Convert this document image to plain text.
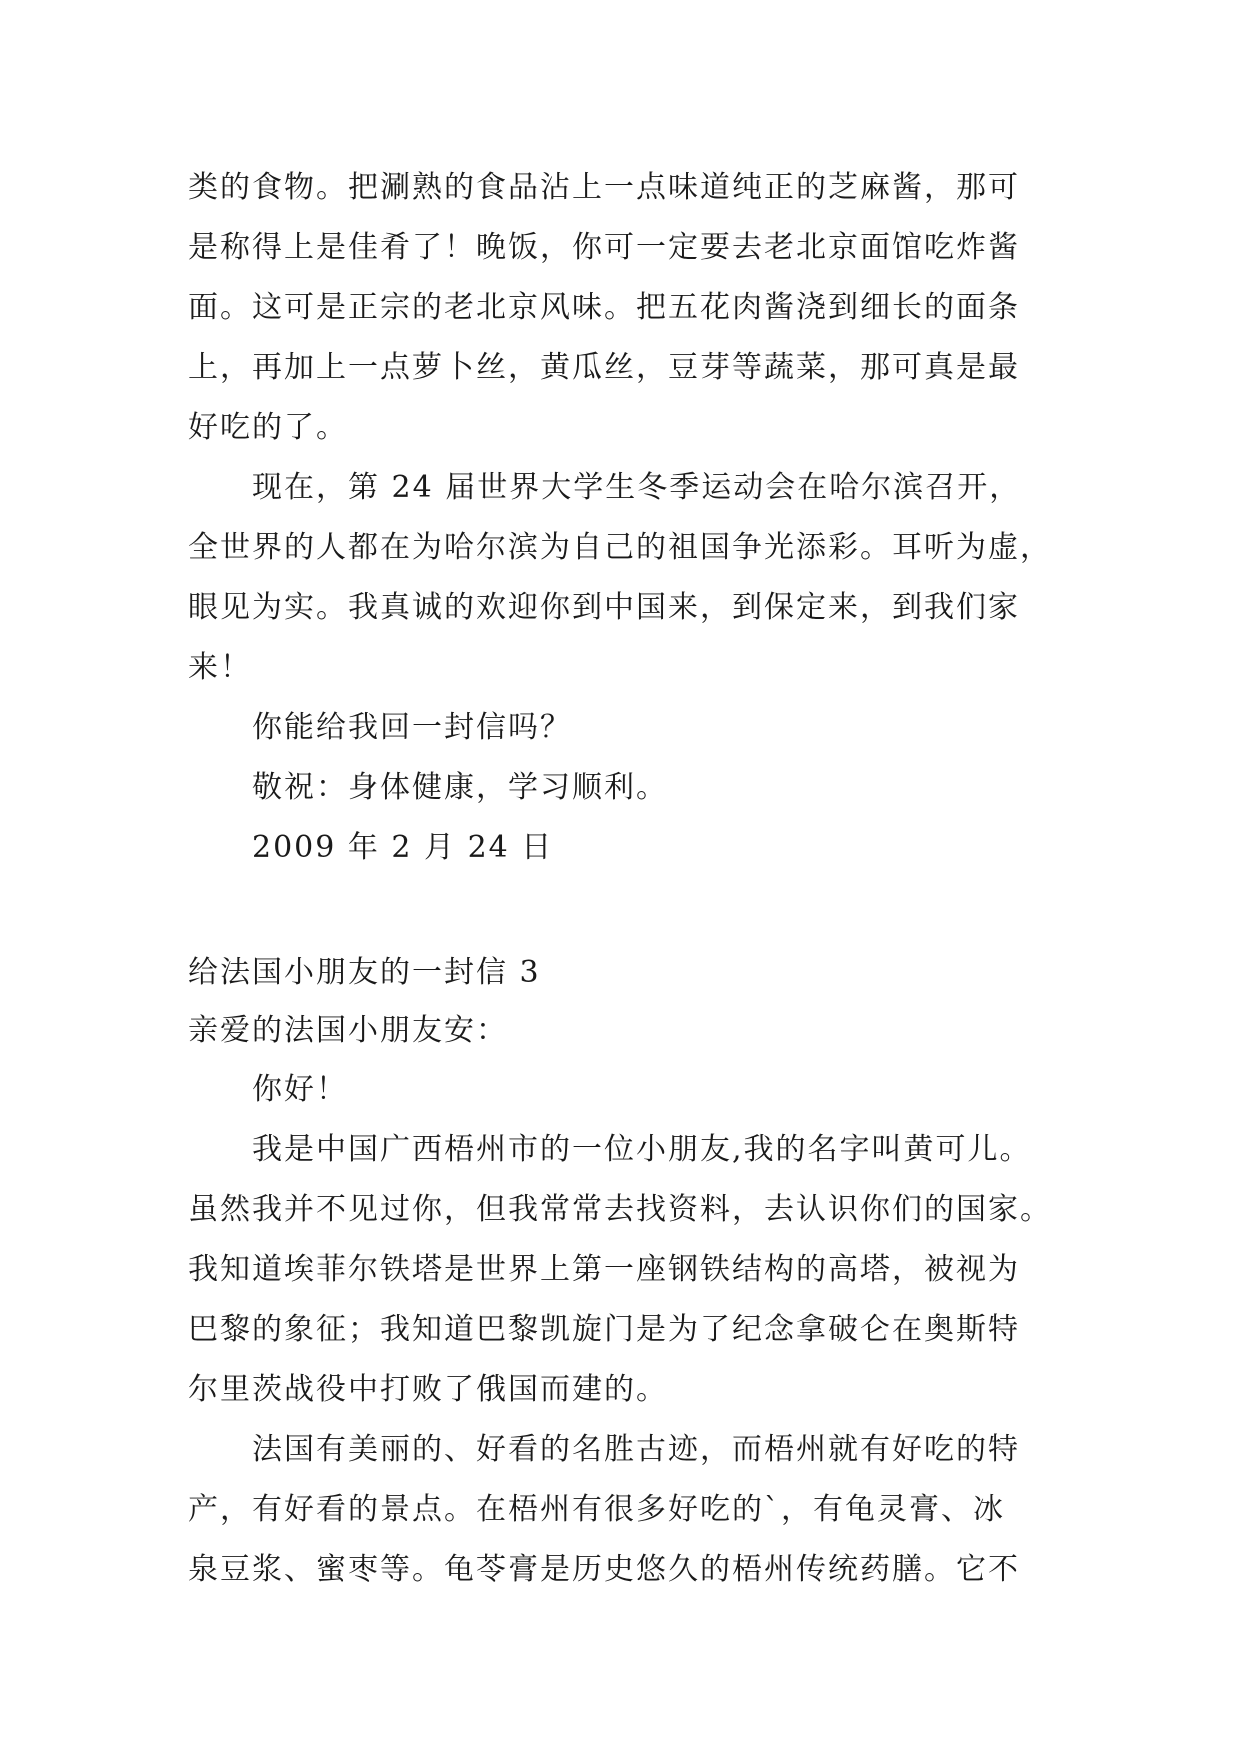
类的食物。把涮熟的食品沾上一点味道纯正的芝麻酱，那可
是称得上是佳肴了！晚饭，你可一定要去老北京面馆吃炸酱
面。这可是正宗的老北京风味。把五花肉酱浇到细长的面条
上，再加上一点萝卜丝，黄瓜丝，豆芽等蔬菜，那可真是最
好吃的了。
现在，第 24 届世界大学生冬季运动会在哈尔滨召开，
全世界的人都在为哈尔滨为自己的祖国争光添彩。耳听为虚，
眼见为实。我真诚的欢迎你到中国来，到保定来，到我们家
来！

你能给我回一封信吗？

敬祝：身体健康，学习顺利。

2009 年 2 月 24 日

给法国小朋友的一封信 3

亲爱的法国小朋友安：

你好！

我是中国广西梧州市的一位小朋友,我的名字叫黄可儿。
虽然我并不见过你，但我常常去找资料，去认识你们的国家。
我知道埃菲尔铁塔是世界上第一座钢铁结构的高塔，被视为
巴黎的象征；我知道巴黎凯旋门是为了纪念拿破仑在奥斯特
尔里茨战役中打败了俄国而建的。
法国有美丽的、好看的名胜古迹，而梧州就有好吃的特
产，有好看的景点。在梧州有很多好吃的`，有龟灵膏、冰
泉豆浆、蜜枣等。龟苓膏是历史悠久的梧州传统药膳。它不
